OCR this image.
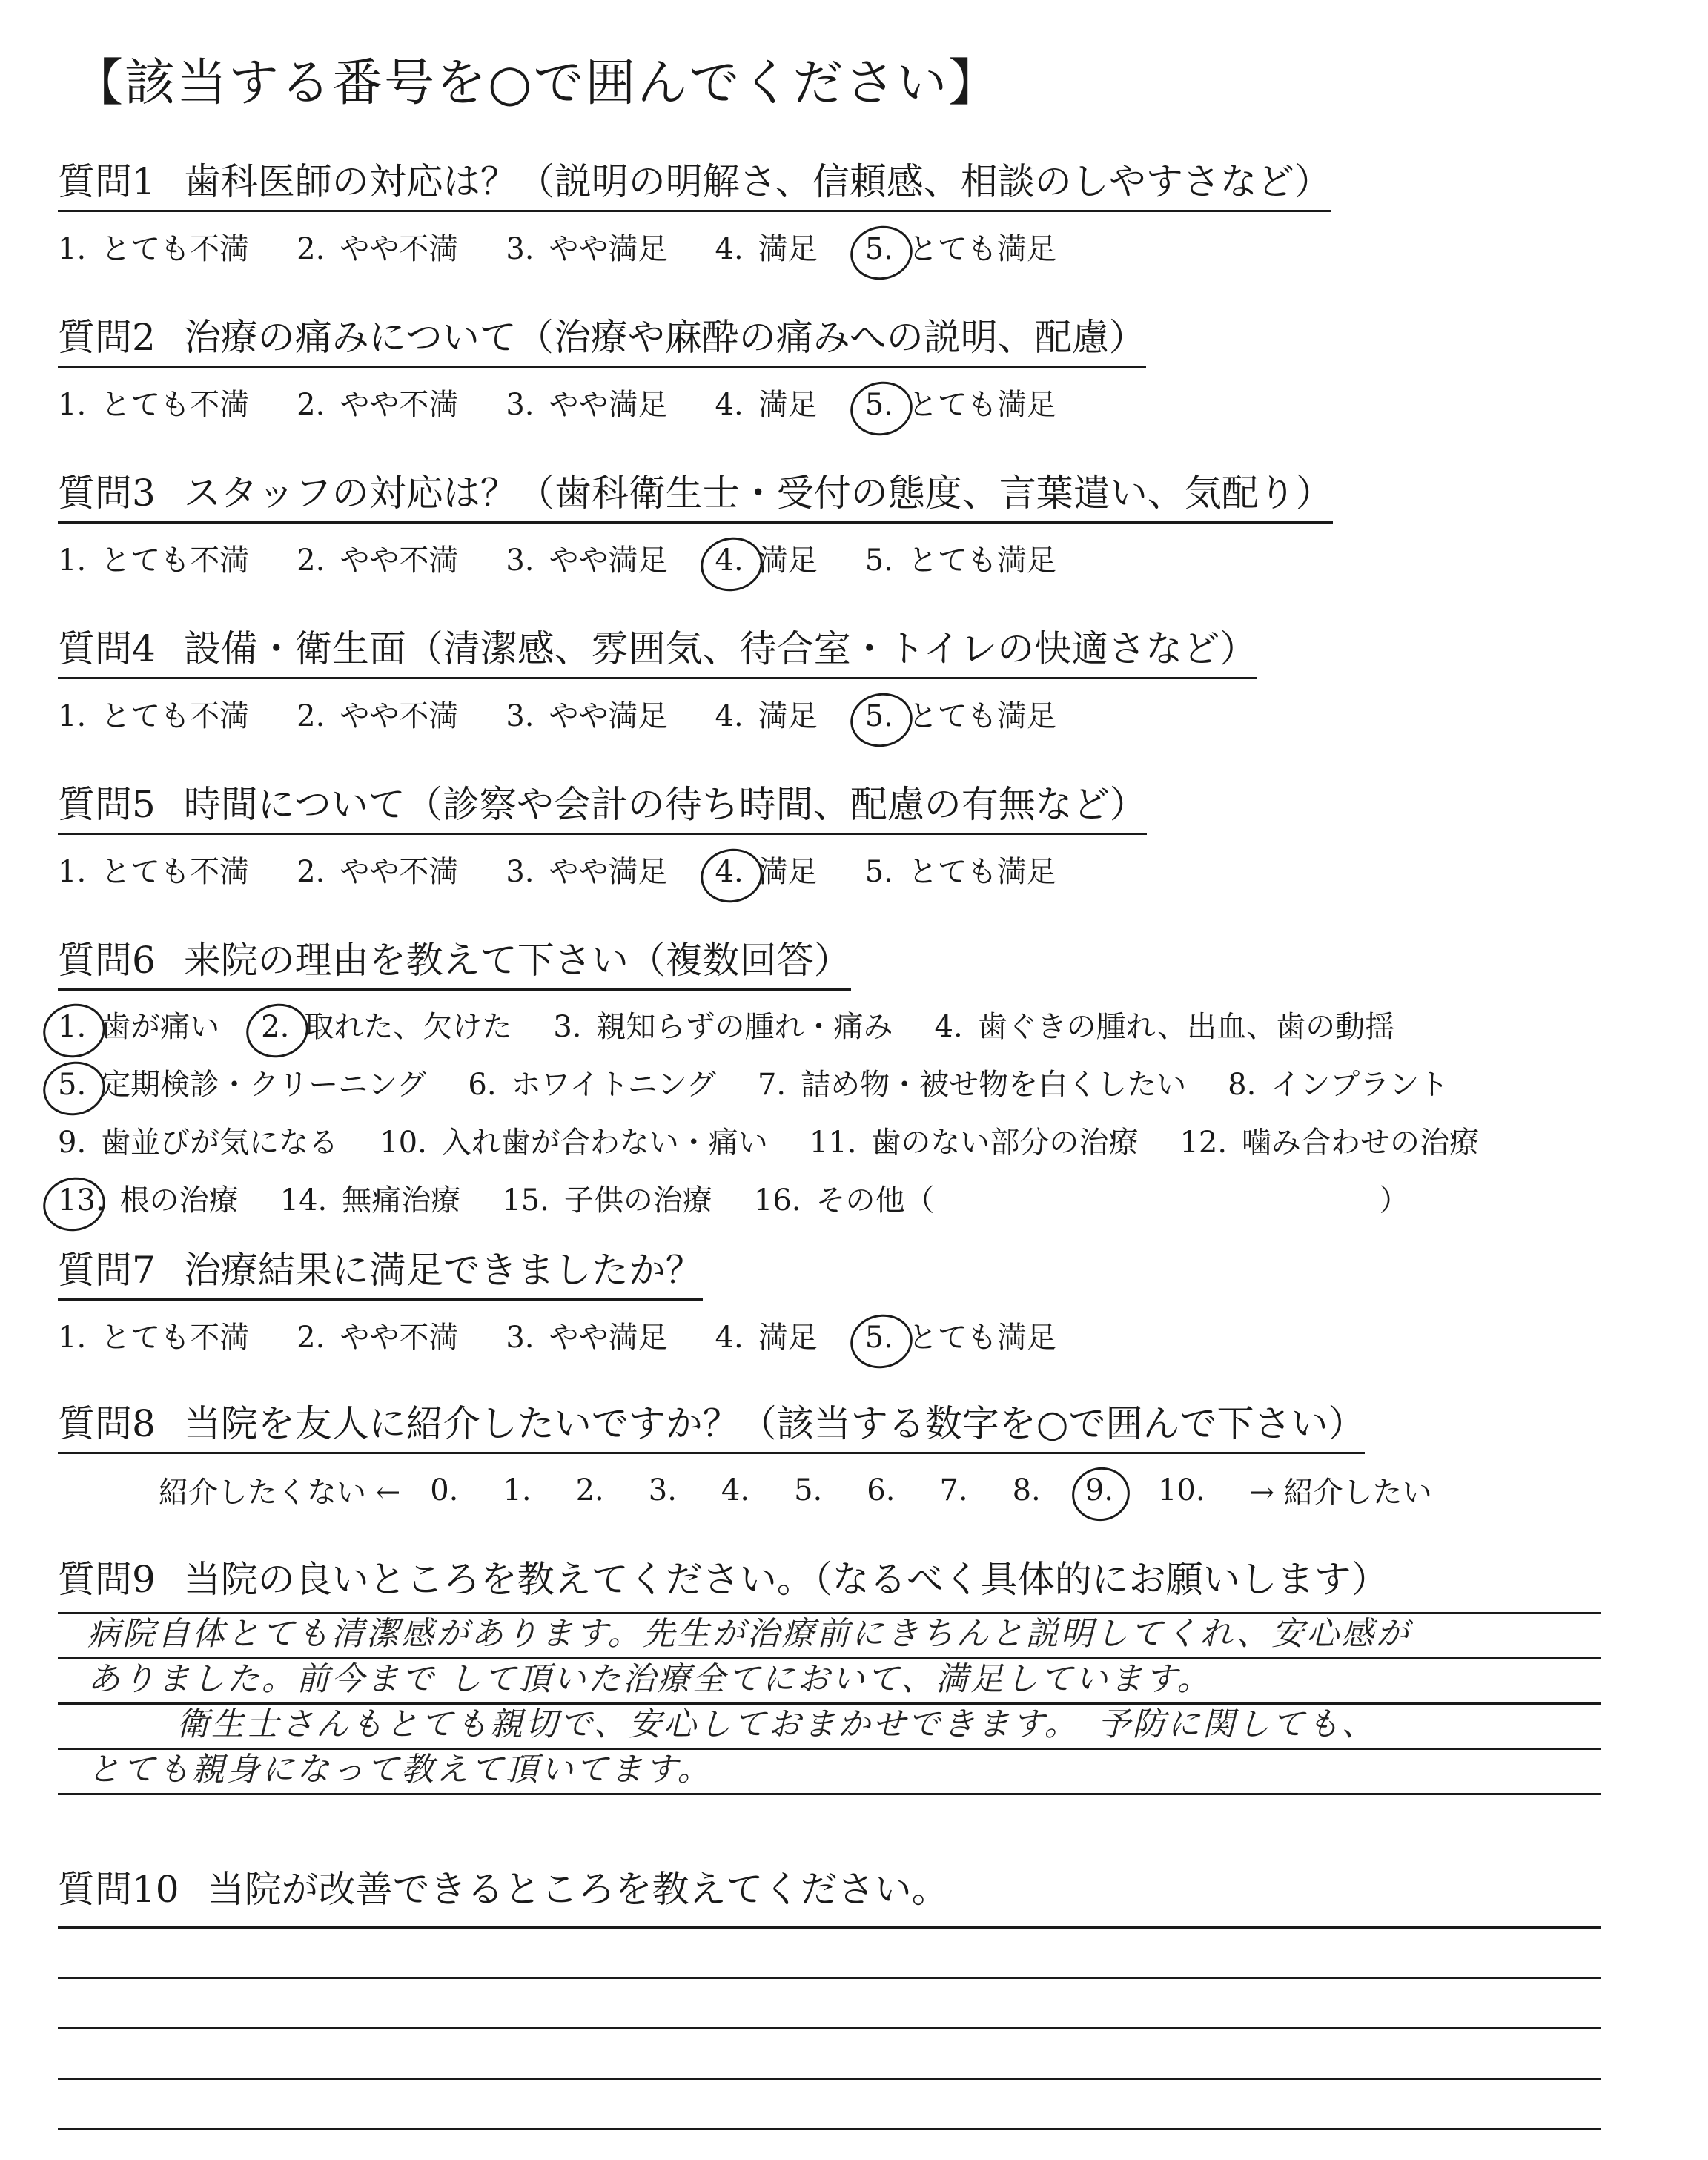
【該当する番号を○で囲んでください】
質問1 歯科医師の対応は？（説明の明解さ、信頼感、相談のしやすさなど）
1. とても不満 2. やや不満 3. やや満足 4. 満足 5. とても満足
質問2 治療の痛みについて（治療や麻酔の痛みへの説明、配慮）
1. とても不満 2. やや不満 3. やや満足 4. 満足 5. とても満足
質問3 スタッフの対応は？（歯科衛生士・受付の態度、言葉遣い、気配り）
1. とても不満 2. やや不満 3. やや満足 4. 満足 5. とても満足
質問4 設備・衛生面（清潔感、雰囲気、待合室・トイレの快適さなど）
1. とても不満 2. やや不満 3. やや満足 4. 満足 5. とても満足
質問5 時間について（診察や会計の待ち時間、配慮の有無など）
1. とても不満 2. やや不満 3. やや満足 4. 満足 5. とても満足
質問6 来院の理由を教えて下さい（複数回答）
1. 歯が痛い 2. 取れた、欠けた 3. 親知らずの腫れ・痛み 4. 歯ぐきの腫れ、出血、歯の動揺
5. 定期検診・クリーニング 6. ホワイトニング 7. 詰め物・被せ物を白くしたい 8. インプラント
9. 歯並びが気になる 10. 入れ歯が合わない・痛い 11. 歯のない部分の治療 12. 噛み合わせの治療
13. 根の治療 14. 無痛治療 15. 子供の治療 16. その他（　　　　　　　　　　　　　　　）
質問7 治療結果に満足できましたか？
1. とても不満 2. やや不満 3. やや満足 4. 満足 5. とても満足
質問8 当院を友人に紹介したいですか？（該当する数字を○で囲んで下さい）
紹介したくない ← 0. 1. 2. 3. 4. 5. 6. 7. 8. 9. 10. → 紹介したい
質問9 当院の良いところを教えてください。（なるべく具体的にお願いします）
病院自体とても清潔感があります。先生が治療前にきちんと説明してくれ、安心感が
ありました。前今まで して頂いた治療全てにおいて、満足しています。
衛生士さんもとても親切で、安心しておまかせできます。　予防に関しても、
とても親身になって教えて頂いてます。
質問10 当院が改善できるところを教えてください。
